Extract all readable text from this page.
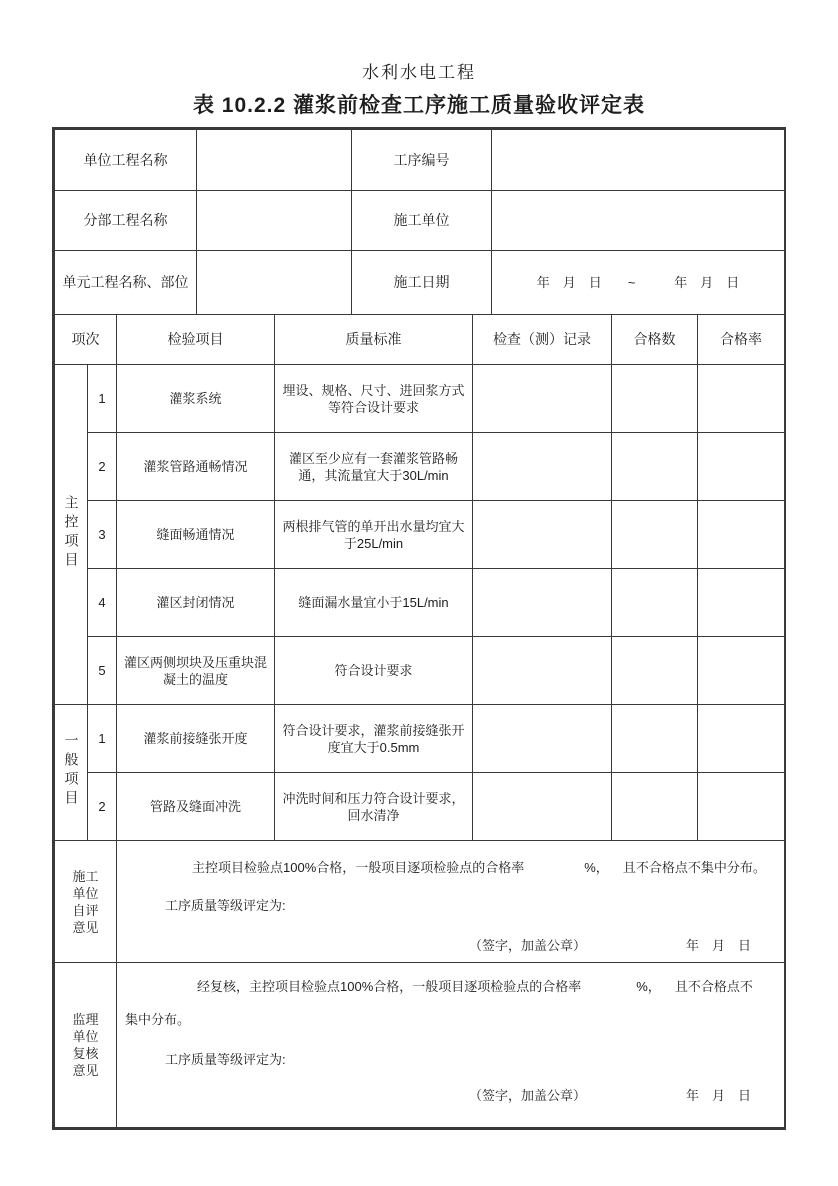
水利水电工程
表 10.2.2 灌浆前检查工序施工质量验收评定表
单位工程名称		工序编号	
分部工程名称		施工单位	
单元工程名称、部位		施工日期	年　月　日　　~　　　年　月　日
项次		检验项目	质量标准	检查（测）记录	合格数	合格率
主控项目	1	灌浆系统	埋设、规格、尺寸、进回浆方式等符合设计要求			
	2	灌浆管路通畅情况	灌区至少应有一套灌浆管路畅通，其流量宜大于30L/min			
	3	缝面畅通情况	两根排气管的单开出水量均宜大于25L/min			
	4	灌区封闭情况	缝面漏水量宜小于15L/min			
	5	灌区两侧坝块及压重块混凝土的温度	符合设计要求			
一般项目	1	灌浆前接缝张开度	符合设计要求，灌浆前接缝张开度宜大于0.5mm			
	2	管路及缝面冲洗	冲洗时间和压力符合设计要求，回水清净			
施工单位自评意见	主控项目检验点100%合格，一般项目逐项检验点的合格率 %， 且不合格点不集中分布。
工序质量等级评定为:
（签字，加盖公章） 年　月　日

监理单位复核意见	经复核，主控项目检验点100%合格，一般项目逐项检验点的合格率 %， 且不合格点不
集中分布。
工序质量等级评定为:
（签字，加盖公章） 年　月　日
